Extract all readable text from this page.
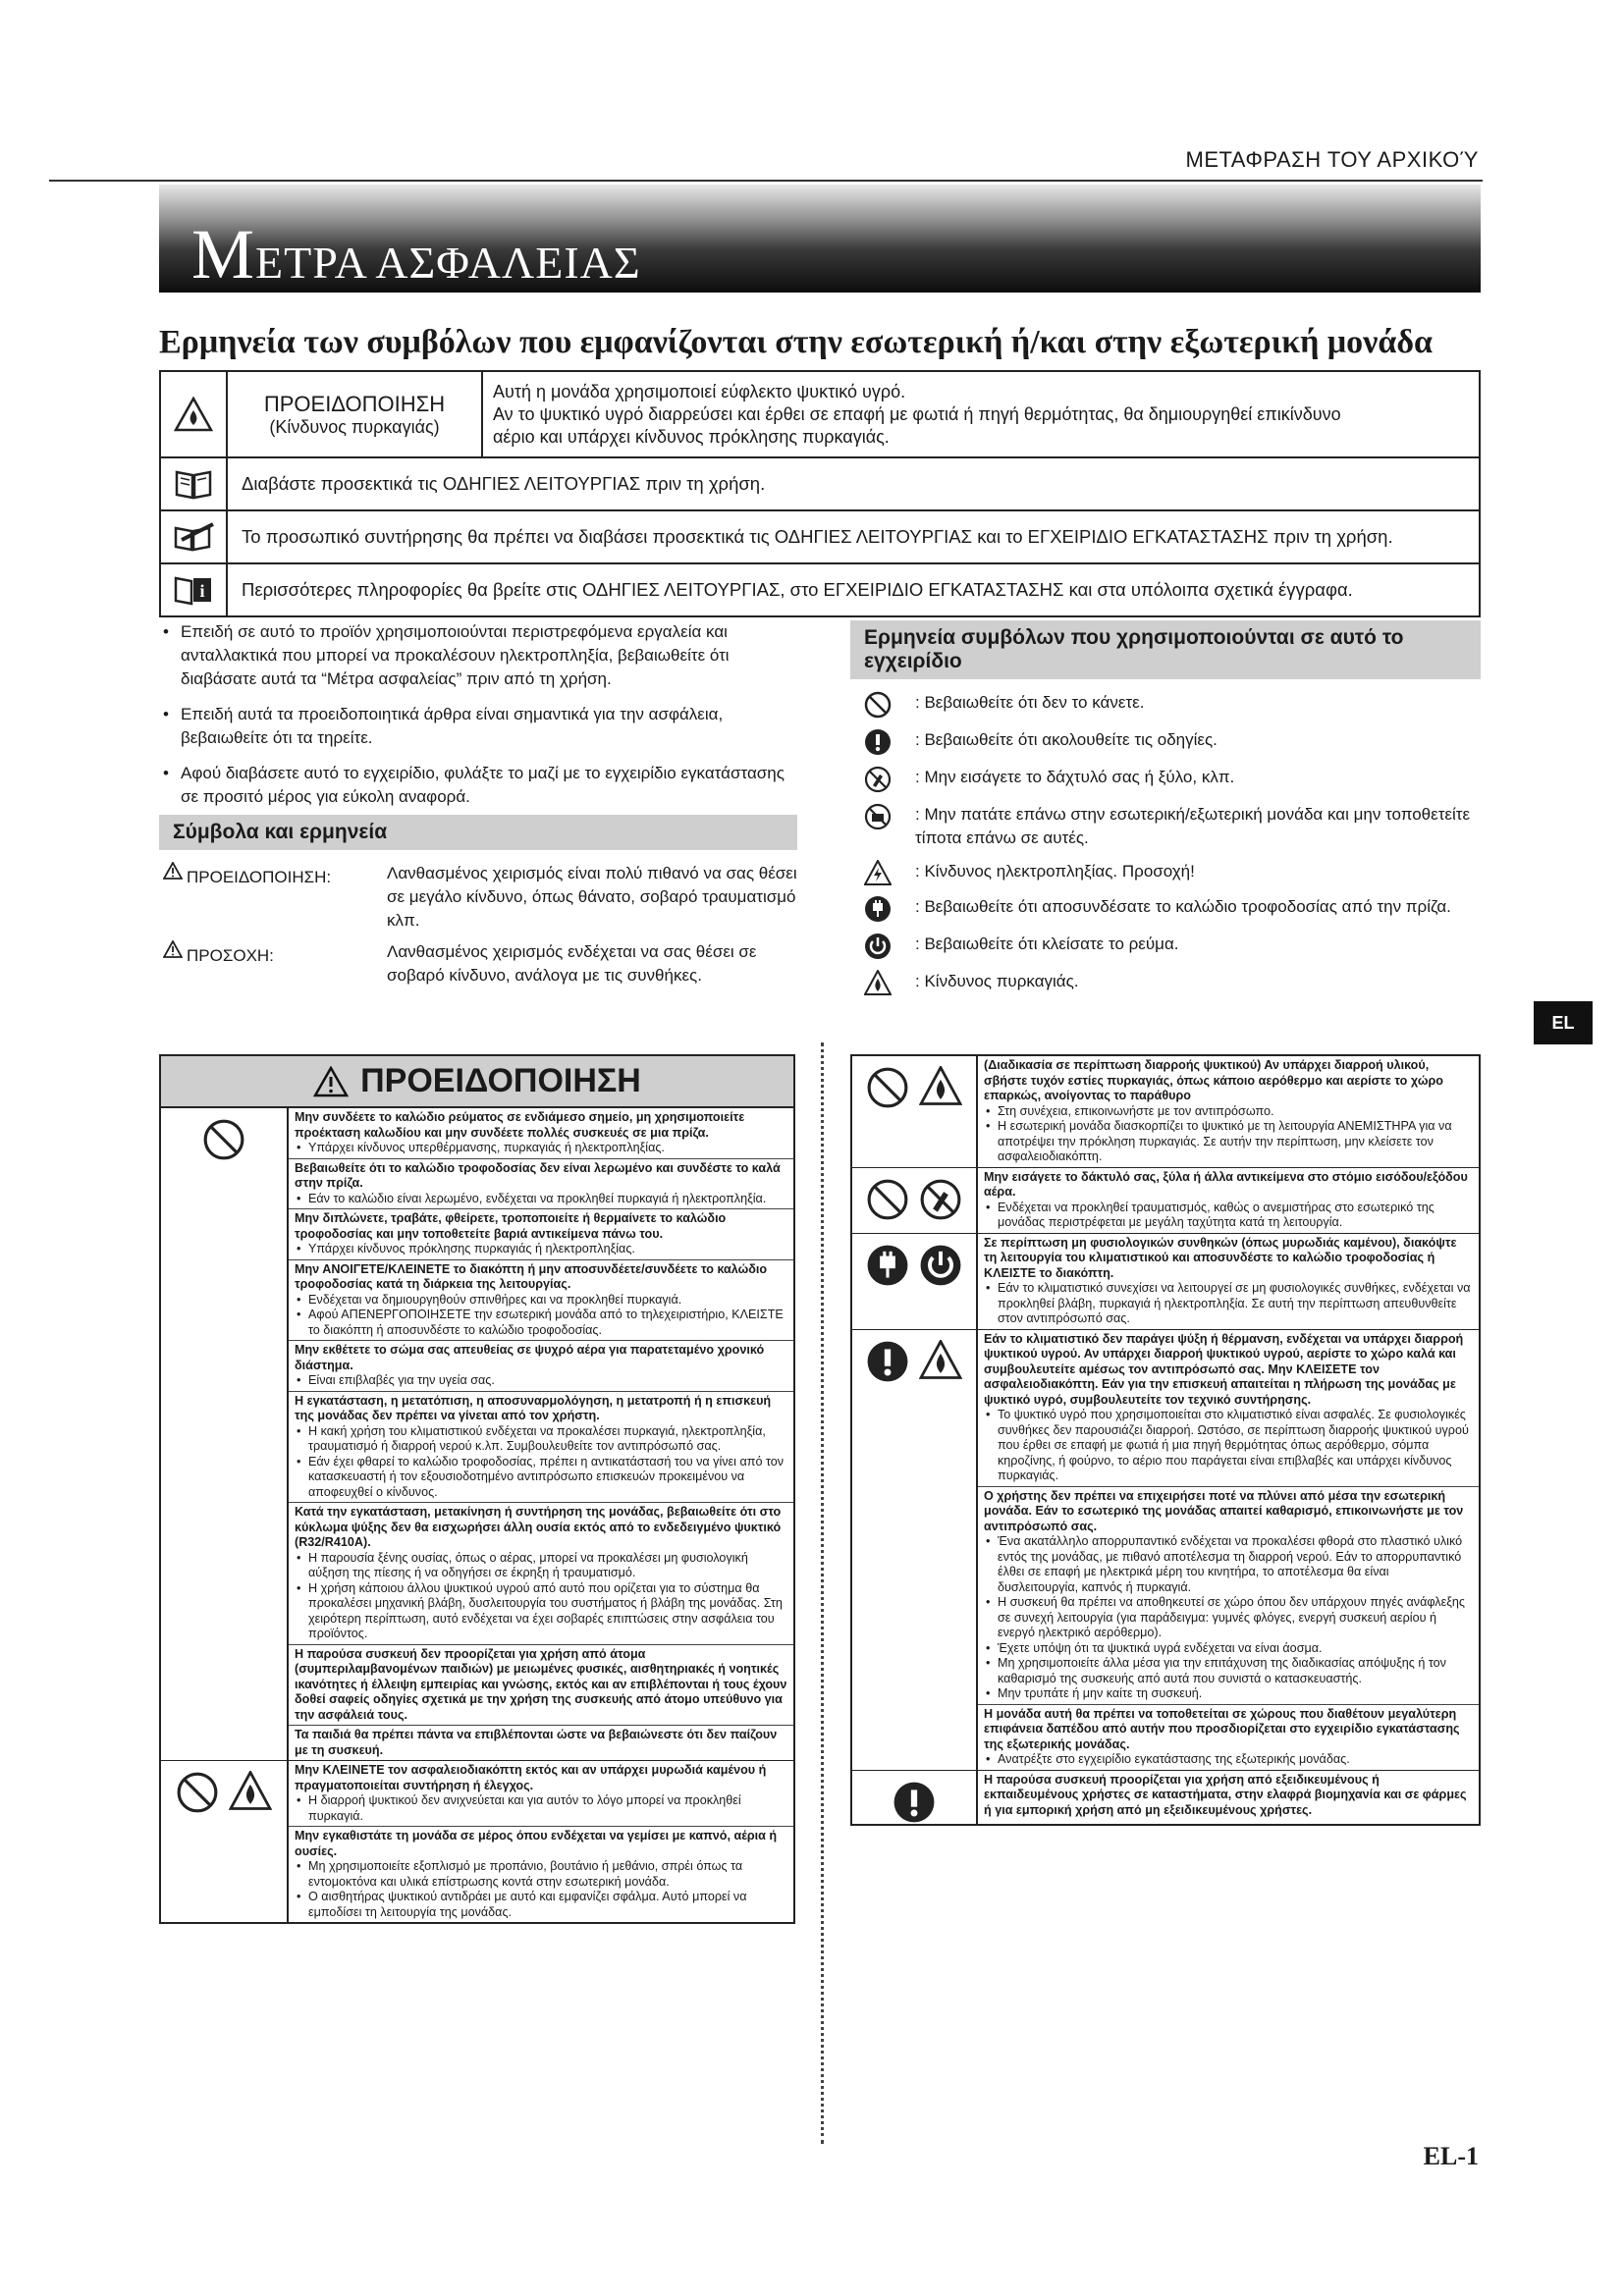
ΜΕΤΑΦΡΑΣΗ ΤΟΥ ΑΡΧΙΚΟΎ
ΜΕΤΡΑ ΑΣΦΑΛΕΙΑΣ
Ερμηνεία των συμβόλων που εμφανίζονται στην εσωτερική ή/και στην εξωτερική μονάδα
ΠΡΟΕΙΔΟΠΟΙΗΣΗ
(Κίνδυνος πυρκαγιάς)
Αυτή η μονάδα χρησιμοποιεί εύφλεκτο ψυκτικό υγρό.
Αν το ψυκτικό υγρό διαρρεύσει και έρθει σε επαφή με φωτιά ή πηγή θερμότητας, θα δημιουργηθεί επικίνδυνο
αέριο και υπάρχει κίνδυνος πρόκλησης πυρκαγιάς.
Διαβάστε προσεκτικά τις ΟΔΗΓΙΕΣ ΛΕΙΤΟΥΡΓΙΑΣ πριν τη χρήση.
Το προσωπικό συντήρησης θα πρέπει να διαβάσει προσεκτικά τις ΟΔΗΓΙΕΣ ΛΕΙΤΟΥΡΓΙΑΣ και το ΕΓΧΕΙΡΙΔΙΟ ΕΓΚΑΤΑΣΤΑΣΗΣ πριν τη χρήση.
i	Περισσότερες πληροφορίες θα βρείτε στις ΟΔΗΓΙΕΣ ΛΕΙΤΟΥΡΓΙΑΣ, στο ΕΓΧΕΙΡΙΔΙΟ ΕΓΚΑΤΑΣΤΑΣΗΣ και στα υπόλοιπα σχετικά έγγραφα.
• Επειδή σε αυτό το προϊόν χρησιμοποιούνται περιστρεφόμενα εργαλεία και ανταλλακτικά που μπορεί να προκαλέσουν ηλεκτροπληξία, βεβαιωθείτε ότι διαβάσατε αυτά τα “Μέτρα ασφαλείας” πριν από τη χρήση.
• Επειδή αυτά τα προειδοποιητικά άρθρα είναι σημαντικά για την ασφάλεια, βεβαιωθείτε ότι τα τηρείτε.
• Αφού διαβάσετε αυτό το εγχειρίδιο, φυλάξτε το μαζί με το εγχειρίδιο εγκατάστασης σε προσιτό μέρος για εύκολη αναφορά.
Σύμβολα και ερμηνεία
ΠΡΟΕΙΔΟΠΟΙΗΣΗ:	Λανθασμένος χειρισμός είναι πολύ πιθανό να σας θέσει σε μεγάλο κίνδυνο, όπως θάνατο, σοβαρό τραυματισμό κλπ.
ΠΡΟΣΟΧΗ:	Λανθασμένος χειρισμός ενδέχεται να σας θέσει σε σοβαρό κίνδυνο, ανάλογα με τις συνθήκες.
Ερμηνεία συμβόλων που χρησιμοποιούνται σε αυτό το εγχειρίδιο
: Βεβαιωθείτε ότι δεν το κάνετε.
: Βεβαιωθείτε ότι ακολουθείτε τις οδηγίες.
: Μην εισάγετε το δάχτυλό σας ή ξύλο, κλπ.
: Μην πατάτε επάνω στην εσωτερική/εξωτερική μονάδα και μην τοποθετείτε τίποτα επάνω σε αυτές.
: Κίνδυνος ηλεκτροπληξίας. Προσοχή!
: Βεβαιωθείτε ότι αποσυνδέσατε το καλώδιο τροφοδοσίας από την πρίζα.
: Βεβαιωθείτε ότι κλείσατε το ρεύμα.
: Κίνδυνος πυρκαγιάς.
EL
ΠΡΟΕΙΔΟΠΟΙΗΣΗ
Μην συνδέετε το καλώδιο ρεύματος σε ενδιάμεσο σημείο, μη χρησιμοποιείτε προέκταση καλωδίου και μην συνδέετε πολλές συσκευές σε μια πρίζα.
• Υπάρχει κίνδυνος υπερθέρμανσης, πυρκαγιάς ή ηλεκτροπληξίας.
Βεβαιωθείτε ότι το καλώδιο τροφοδοσίας δεν είναι λερωμένο και συνδέστε το καλά στην πρίζα.
• Εάν το καλώδιο είναι λερωμένο, ενδέχεται να προκληθεί πυρκαγιά ή ηλεκτροπληξία.
Μην διπλώνετε, τραβάτε, φθείρετε, τροποποιείτε ή θερμαίνετε το καλώδιο τροφοδοσίας και μην τοποθετείτε βαριά αντικείμενα πάνω του.
• Υπάρχει κίνδυνος πρόκλησης πυρκαγιάς ή ηλεκτροπληξίας.
Μην ΑΝΟΙΓΕΤΕ/ΚΛΕΙΝΕΤΕ το διακόπτη ή μην αποσυνδέετε/συνδέετε το καλώδιο τροφοδοσίας κατά τη διάρκεια της λειτουργίας.
• Ενδέχεται να δημιουργηθούν σπινθήρες και να προκληθεί πυρκαγιά.
• Αφού ΑΠΕΝΕΡΓΟΠΟΙΗΣΕΤΕ την εσωτερική μονάδα από το τηλεχειριστήριο, ΚΛΕΙΣΤΕ το διακόπτη ή αποσυνδέστε το καλώδιο τροφοδοσίας.
Μην εκθέτετε το σώμα σας απευθείας σε ψυχρό αέρα για παρατεταμένο χρονικό διάστημα.
• Είναι επιβλαβές για την υγεία σας.
Η εγκατάσταση, η μετατόπιση, η αποσυναρμολόγηση, η μετατροπή ή η επισκευή της μονάδας δεν πρέπει να γίνεται από τον χρήστη.
• Η κακή χρήση του κλιματιστικού ενδέχεται να προκαλέσει πυρκαγιά, ηλεκτροπληξία, τραυματισμό ή διαρροή νερού κ.λπ. Συμβουλευθείτε τον αντιπρόσωπό σας.
• Εάν έχει φθαρεί το καλώδιο τροφοδοσίας, πρέπει η αντικατάστασή του να γίνει από τον κατασκευαστή ή τον εξουσιοδοτημένο αντιπρόσωπο επισκευών προκειμένου να αποφευχθεί ο κίνδυνος.
Κατά την εγκατάσταση, μετακίνηση ή συντήρηση της μονάδας, βεβαιωθείτε ότι στο κύκλωμα ψύξης δεν θα εισχωρήσει άλλη ουσία εκτός από το ενδεδειγμένο ψυκτικό (R32/R410A).
• Η παρουσία ξένης ουσίας, όπως ο αέρας, μπορεί να προκαλέσει μη φυσιολογική αύξηση της πίεσης ή να οδηγήσει σε έκρηξη ή τραυματισμό.
• Η χρήση κάποιου άλλου ψυκτικού υγρού από αυτό που ορίζεται για το σύστημα θα προκαλέσει μηχανική βλάβη, δυσλειτουργία του συστήματος ή βλάβη της μονάδας. Στη χειρότερη περίπτωση, αυτό ενδέχεται να έχει σοβαρές επιπτώσεις στην ασφάλεια του προϊόντος.
Η παρούσα συσκευή δεν προορίζεται για χρήση από άτομα (συμπεριλαμβανομένων παιδιών) με μειωμένες φυσικές, αισθητηριακές ή νοητικές ικανότητες ή έλλειψη εμπειρίας και γνώσης, εκτός και αν επιβλέπονται ή τους έχουν δοθεί σαφείς οδηγίες σχετικά με την χρήση της συσκευής από άτομο υπεύθυνο για την ασφάλειά τους.
Τα παιδιά θα πρέπει πάντα να επιβλέπονται ώστε να βεβαιώνεστε ότι δεν παίζουν με τη συσκευή.
Μην ΚΛΕΙΝΕΤΕ τον ασφαλειοδιακόπτη εκτός και αν υπάρχει μυρωδιά καμένου ή πραγματοποιείται συντήρηση ή έλεγχος.
• Η διαρροή ψυκτικού δεν ανιχνεύεται και για αυτόν το λόγο μπορεί να προκληθεί πυρκαγιά.
Μην εγκαθιστάτε τη μονάδα σε μέρος όπου ενδέχεται να γεμίσει με καπνό, αέρια ή ουσίες.
• Μη χρησιμοποιείτε εξοπλισμό με προπάνιο, βουτάνιο ή μεθάνιο, σπρέι όπως τα εντομοκτόνα και υλικά επίστρωσης κοντά στην εσωτερική μονάδα.
• Ο αισθητήρας ψυκτικού αντιδράει με αυτό και εμφανίζει σφάλμα. Αυτό μπορεί να εμποδίσει τη λειτουργία της μονάδας.
(Διαδικασία σε περίπτωση διαρροής ψυκτικού) Αν υπάρχει διαρροή υλικού, σβήστε τυχόν εστίες πυρκαγιάς, όπως κάποιο αερόθερμο και αερίστε το χώρο επαρκώς, ανοίγοντας το παράθυρο
• Στη συνέχεια, επικοινωνήστε με τον αντιπρόσωπο.
• Η εσωτερική μονάδα διασκορπίζει το ψυκτικό με τη λειτουργία ΑΝΕΜΙΣΤΗΡΑ για να αποτρέψει την πρόκληση πυρκαγιάς. Σε αυτήν την περίπτωση, μην κλείσετε τον ασφαλειοδιακόπτη.
Μην εισάγετε το δάκτυλό σας, ξύλα ή άλλα αντικείμενα στο στόμιο εισόδου/εξόδου αέρα.
• Ενδέχεται να προκληθεί τραυματισμός, καθώς ο ανεμιστήρας στο εσωτερικό της μονάδας περιστρέφεται με μεγάλη ταχύτητα κατά τη λειτουργία.
Σε περίπτωση μη φυσιολογικών συνθηκών (όπως μυρωδιάς καμένου), διακόψτε τη λειτουργία του κλιματιστικού και αποσυνδέστε το καλώδιο τροφοδοσίας ή ΚΛΕΙΣΤΕ το διακόπτη.
• Εάν το κλιματιστικό συνεχίσει να λειτουργεί σε μη φυσιολογικές συνθήκες, ενδέχεται να προκληθεί βλάβη, πυρκαγιά ή ηλεκτροπληξία. Σε αυτή την περίπτωση απευθυνθείτε στον αντιπρόσωπό σας.
Εάν το κλιματιστικό δεν παράγει ψύξη ή θέρμανση, ενδέχεται να υπάρχει διαρροή ψυκτικού υγρού. Αν υπάρχει διαρροή ψυκτικού υγρού, αερίστε το χώρο καλά και συμβουλευτείτε αμέσως τον αντιπρόσωπό σας. Μην ΚΛΕΙΣΕΤΕ τον ασφαλειοδιακόπτη. Εάν για την επισκευή απαιτείται η πλήρωση της μονάδας με ψυκτικό υγρό, συμβουλευτείτε τον τεχνικό συντήρησης.
• Το ψυκτικό υγρό που χρησιμοποιείται στο κλιματιστικό είναι ασφαλές. Σε φυσιολογικές συνθήκες δεν παρουσιάζει διαρροή. Ωστόσο, σε περίπτωση διαρροής ψυκτικού υγρού που έρθει σε επαφή με φωτιά ή μια πηγή θερμότητας όπως αερόθερμο, σόμπα κηροζίνης, ή φούρνο, το αέριο που παράγεται είναι επιβλαβές και υπάρχει κίνδυνος πυρκαγιάς.
Ο χρήστης δεν πρέπει να επιχειρήσει ποτέ να πλύνει από μέσα την εσωτερική μονάδα. Εάν το εσωτερικό της μονάδας απαιτεί καθαρισμό, επικοινωνήστε με τον αντιπρόσωπό σας.
• Ένα ακατάλληλο απορρυπαντικό ενδέχεται να προκαλέσει φθορά στο πλαστικό υλικό εντός της μονάδας, με πιθανό αποτέλεσμα τη διαρροή νερού. Εάν το απορρυπαντικό έλθει σε επαφή με ηλεκτρικά μέρη του κινητήρα, το αποτέλεσμα θα είναι δυσλειτουργία, καπνός ή πυρκαγιά.
• Η συσκευή θα πρέπει να αποθηκευτεί σε χώρο όπου δεν υπάρχουν πηγές ανάφλεξης σε συνεχή λειτουργία (για παράδειγμα: γυμνές φλόγες, ενεργή συσκευή αερίου ή ενεργό ηλεκτρικό αερόθερμο).
• Έχετε υπόψη ότι τα ψυκτικά υγρά ενδέχεται να είναι άοσμα.
• Μη χρησιμοποιείτε άλλα μέσα για την επιτάχυνση της διαδικασίας απόψυξης ή τον καθαρισμό της συσκευής από αυτά που συνιστά ο κατασκευαστής.
• Μην τρυπάτε ή μην καίτε τη συσκευή.
Η μονάδα αυτή θα πρέπει να τοποθετείται σε χώρους που διαθέτουν μεγαλύτερη επιφάνεια δαπέδου από αυτήν που προσδιορίζεται στο εγχειρίδιο εγκατάστασης της εξωτερικής μονάδας.
• Ανατρέξτε στο εγχειρίδιο εγκατάστασης της εξωτερικής μονάδας.
Η παρούσα συσκευή προορίζεται για χρήση από εξειδικευμένους ή εκπαιδευμένους χρήστες σε καταστήματα, στην ελαφρά βιομηχανία και σε φάρμες ή για εμπορική χρήση από μη εξειδικευμένους χρήστες.
EL-1
